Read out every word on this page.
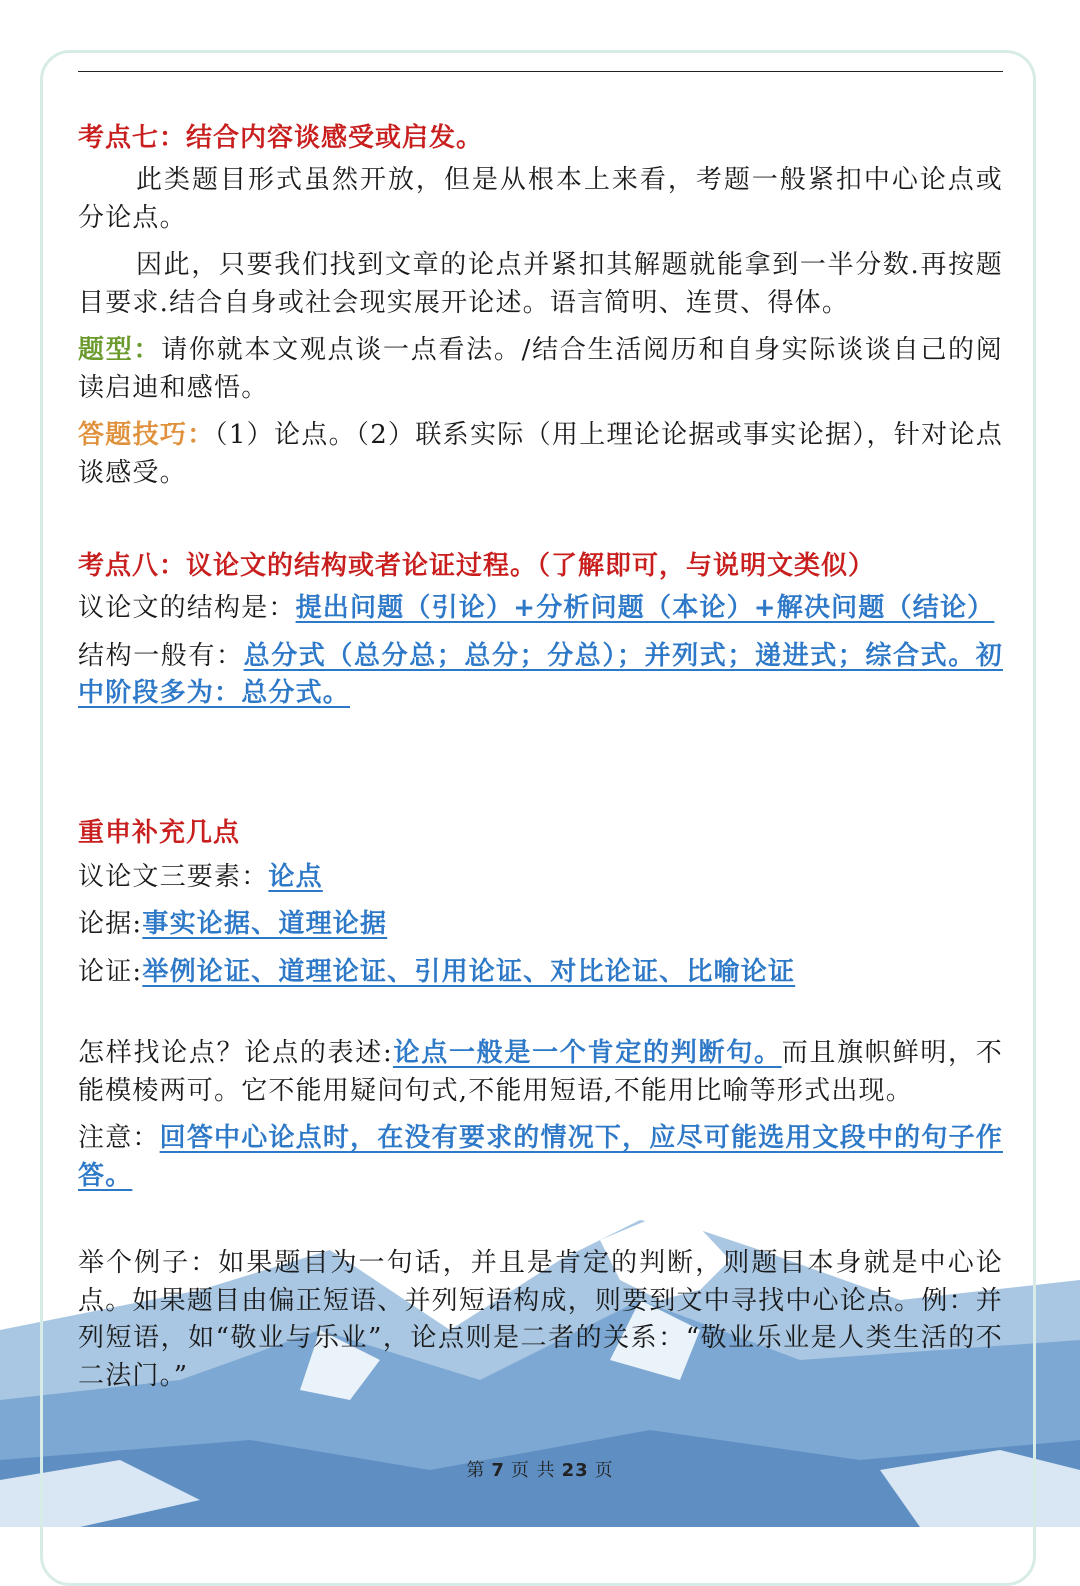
考点七：结合内容谈感受或启发。

此类题目形式虽然开放，但是从根本上来看，考题一般紧扣中心论点或分论点。

因此，只要我们找到文章的论点并紧扣其解题就能拿到一半分数.再按题目要求.结合自身或社会现实展开论述。语言简明、连贯、得体。

题型：请你就本文观点谈一点看法。/结合生活阅历和自身实际谈谈自己的阅读启迪和感悟。

答题技巧：（1）论点。（2）联系实际（用上理论论据或事实论据），针对论点谈感受。

考点八：议论文的结构或者论证过程。（了解即可，与说明文类似）

议论文的结构是：提出问题（引论）+分析问题（本论）+解决问题（结论）

结构一般有：总分式（总分总；总分；分总）；并列式；递进式；综合式。初中阶段多为：总分式。

重申补充几点

议论文三要素：论点

论据:事实论据、道理论据

论证:举例论证、道理论证、引用论证、对比论证、比喻论证

怎样找论点？论点的表述:论点一般是一个肯定的判断句。而且旗帜鲜明，不能模棱两可。它不能用疑问句式,不能用短语,不能用比喻等形式出现。

注意：回答中心论点时，在没有要求的情况下，应尽可能选用文段中的句子作答。

举个例子：如果题目为一句话，并且是肯定的判断，则题目本身就是中心论点。如果题目由偏正短语、并列短语构成，则要到文中寻找中心论点。例：并列短语，如“敬业与乐业”，论点则是二者的关系：“敬业乐业是人类生活的不二法门。”

第 7 页 共 23 页
